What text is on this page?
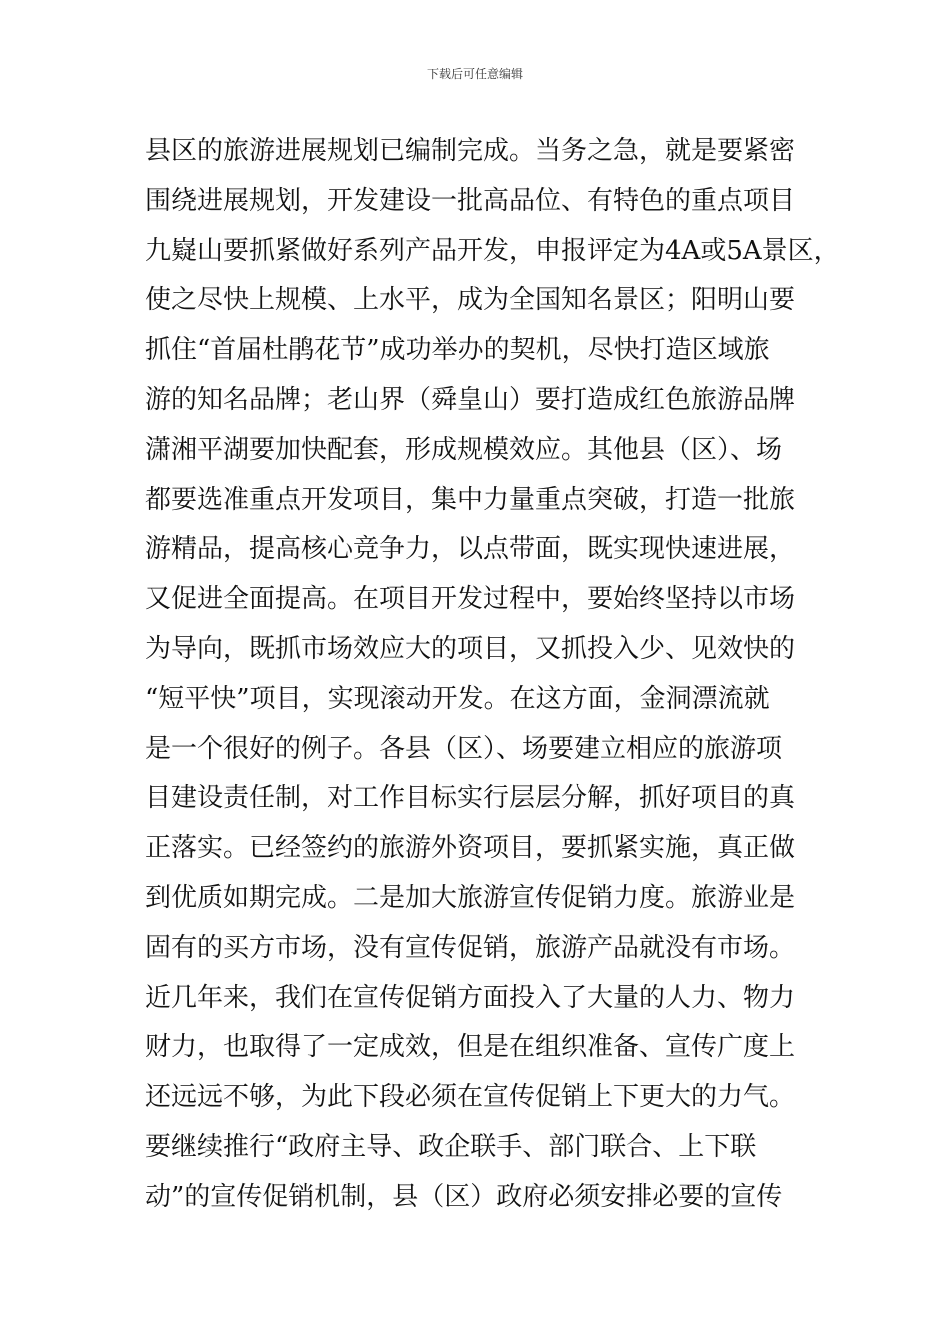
下载后可任意编辑
县区的旅游进展规划已编制完成。当务之急，就是要紧密
围绕进展规划，开发建设一批高品位、有特色的重点项目
九嶷山要抓紧做好系列产品开发，申报评定为4A或5A景区，
使之尽快上规模、上水平，成为全国知名景区；阳明山要
抓住“首届杜鹃花节”成功举办的契机，尽快打造区域旅
游的知名品牌；老山界（舜皇山）要打造成红色旅游品牌
潇湘平湖要加快配套，形成规模效应。其他县（区）、场
都要选准重点开发项目，集中力量重点突破，打造一批旅
游精品，提高核心竞争力，以点带面，既实现快速进展，
又促进全面提高。在项目开发过程中，要始终坚持以市场
为导向，既抓市场效应大的项目，又抓投入少、见效快的
“短平快”项目，实现滚动开发。在这方面，金洞漂流就
是一个很好的例子。各县（区）、场要建立相应的旅游项
目建设责任制，对工作目标实行层层分解，抓好项目的真
正落实。已经签约的旅游外资项目，要抓紧实施，真正做
到优质如期完成。二是加大旅游宣传促销力度。旅游业是
固有的买方市场，没有宣传促销，旅游产品就没有市场。
近几年来，我们在宣传促销方面投入了大量的人力、物力
财力，也取得了一定成效，但是在组织准备、宣传广度上
还远远不够，为此下段必须在宣传促销上下更大的力气。
要继续推行“政府主导、政企联手、部门联合、上下联
动”的宣传促销机制，县（区）政府必须安排必要的宣传
